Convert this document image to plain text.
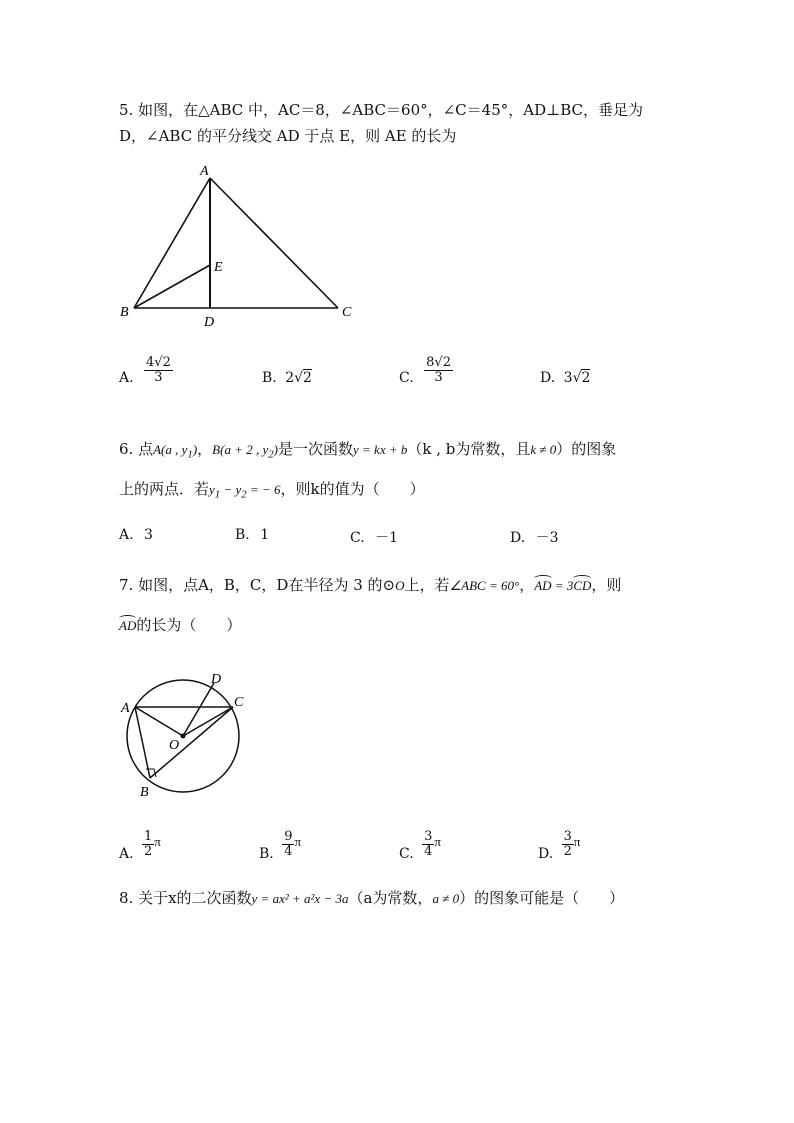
5. 如图，在△ABC 中，AC＝8，∠ABC＝60°，∠C＝45°，AD⊥BC，垂足为
D，∠ABC 的平分线交 AD 于点 E，则 AE 的长为
A
B	C
D
E
A. $\frac{4√2}{3}$	B. 2√2	C. $\frac{8√2}{3}$	D. 3√2
6. 点A(a , $y_1$)，B(a + 2 , $y_2$)是一次函数y = kx + b（k , b为常数，且k ≠ 0）的图象
上的两点．若$y_1 - y_2$ = − 6，则k的值为（　　）
A. 3	B. 1	C. －1	D. －3
7. 如图，点A，B，C，D在半径为 3 的⊙O上，若∠ABC = 60°，AD = 3CD，则
AD的长为（　　）
A
B
C
D
O
A. $\frac{1}{2}$ π
B. $\frac{9}{4}$ π
C. $\frac{3}{4}$ π
D. $\frac{3}{2}$ π
8. 关于x的二次函数y = ax² + a²x − 3a（a为常数，a ≠ 0）的图象可能是（　　）
